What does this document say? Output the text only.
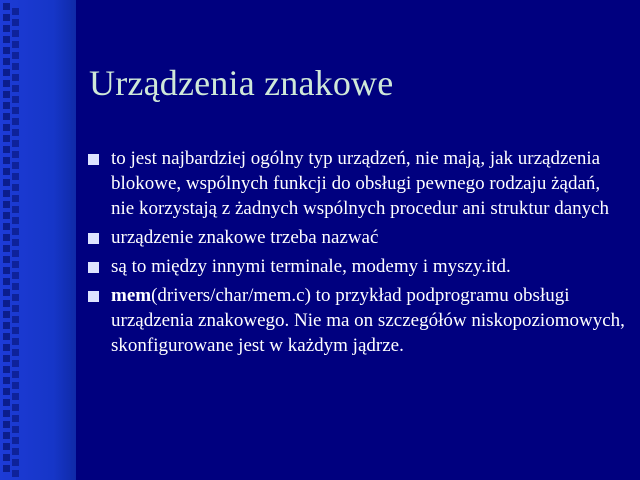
Urządzenia znakowe
to jest najbardziej ogólny typ urządzeń, nie mają, jak urządzenia blokowe, wspólnych funkcji do obsługi pewnego rodzaju żądań, nie korzystają z żadnych wspólnych procedur ani struktur danych
urządzenie znakowe trzeba nazwać
są to między innymi terminale, modemy i myszy.itd.
mem(drivers/char/mem.c) to przykład podprogramu obsługi urządzenia znakowego. Nie ma on szczegółów niskopoziomowych, skonfigurowane jest w każdym jądrze.
